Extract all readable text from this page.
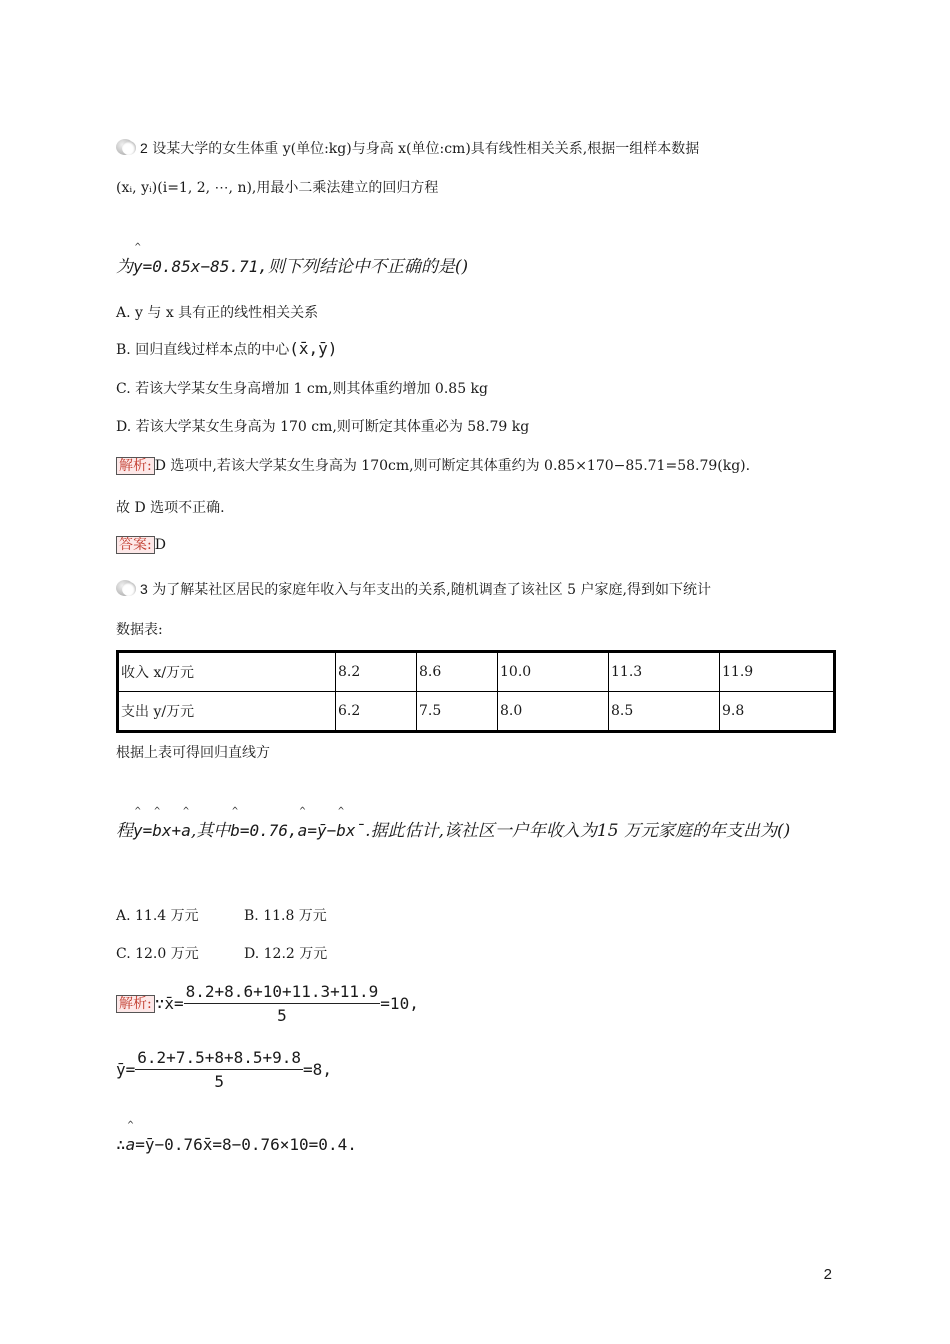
2 设某大学的女生体重 y(单位:kg)与身高 x(单位:cm)具有线性相关关系,根据一组样本数据
(xᵢ, yᵢ)(i=1, 2, ⋯, n),用最小二乘法建立的回归方程
为^ y=0.85x−85.71,则下列结论中不正确的是()
A. y 与 x 具有正的线性相关关系
B. 回归直线过样本点的中心(x̄,ȳ)
C. 若该大学某女生身高增加 1 cm,则其体重约增加 0.85 kg
D. 若该大学某女生身高为 170 cm,则可断定其体重必为 58.79 kg
解析: D 选项中,若该大学某女生身高为 170cm,则可断定其体重约为 0.85×170−85.71=58.79(kg).
故 D 选项不正确.
答案: D
3 为了解某社区居民的家庭年收入与年支出的关系,随机调查了该社区 5 户家庭,得到如下统计
数据表:
收入 x/万元	8.2	8.6	10.0	11.3	11.9
支出 y/万元	6.2	7.5	8.0	8.5	9.8
根据上表可得回归直线方
程^ y=^ bx+^ a,其中^ b=0.76,^ a=ȳ−^ bx̄.据此估计,该社区一户年收入为15 万元家庭的年支出为()
A. 11.4 万元	B. 11.8 万元
C. 12.0 万元	D. 12.2 万元
解析: ∵x̄= $\frac{8.2+8.6+10+11.3+11.9}{5} =10$,
ȳ= $\frac{6.2+7.5+8+8.5+9.8}{5} =8$,
∴^ a=ȳ−0.76x̄=8−0.76×10=0.4.
2
